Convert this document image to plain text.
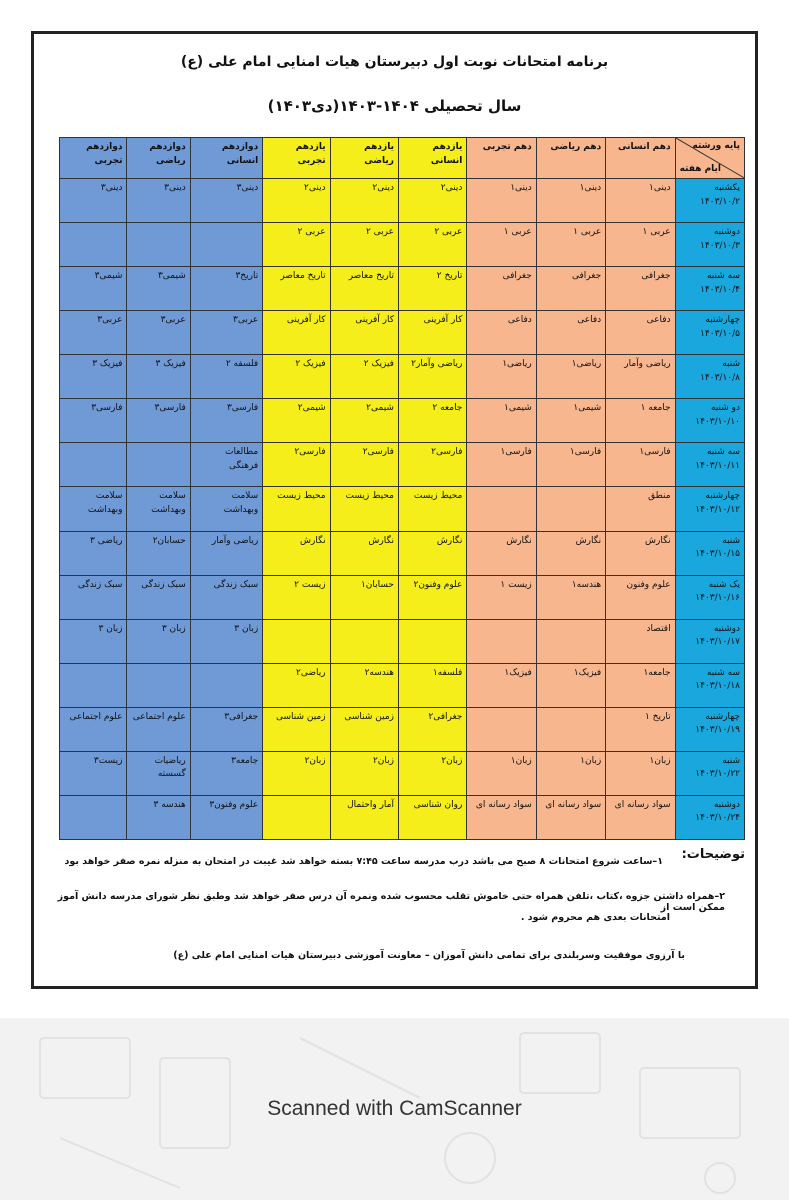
برنامه امتحانات نوبت اول دبیرستان هیات امنایی امام علی (ع)
سال تحصیلی ۱۴۰۴-۱۴۰۳(دی۱۴۰۳)
پایه ورشته
ایام هفته	دهم انسانی	دهم ریاضی	دهم تجربی	یازدهم انسانی	یازدهم ریاضی	یازدهم تجربی	دوازدهم انسانی	دوازدهم ریاضی	دوازدهم تجربی

یکشنبه
۱۴۰۳/۱۰/۲	دینی۱	دینی۱	دینی۱	دینی۲	دینی۲	دینی۲	دینی۳	دینی۳	دینی۳

دوشنبه
۱۴۰۳/۱۰/۳	عربی ۱	عربی ۱	عربی ۱	عربی ۲	عربی ۲	عربی ۲			

سه شنبه
۱۴۰۳/۱۰/۴	جغرافی	جغرافی	جغرافی	تاریخ ۲	تاریخ معاصر	تاریخ معاصر	تاریخ۳	شیمی۳	شیمی۳

چهارشنبه
۱۴۰۳/۱۰/۵	دفاعی	دفاعی	دفاعی	کار آفرینی	کار آفرینی	کار آفرینی	عربی۳	عربی۳	عربی۳

شنبه
۱۴۰۳/۱۰/۸	ریاضی وآمار	ریاضی۱	ریاضی۱	ریاضی وآمار۲	فیزیک ۲	فیزیک ۲	فلسفه ۲	فیزیک ۳	فیزیک ۳

دو شنبه
۱۴۰۳/۱۰/۱۰	جامعه ۱	شیمی۱	شیمی۱	جامعه ۲	شیمی۲	شیمی۲	فارسی۳	فارسی۳	فارسی۳

سه شنبه
۱۴۰۳/۱۰/۱۱	فارسی۱	فارسی۱	فارسی۱	فارسی۲	فارسی۲	فارسی۲	مطالعات فرهنگی		

چهارشنبه
۱۴۰۳/۱۰/۱۲	منطق			محیط زیست	محیط زیست	محیط زیست	سلامت وبهداشت	سلامت وبهداشت	سلامت وبهداشت

شنبه
۱۴۰۳/۱۰/۱۵	نگارش	نگارش	نگارش	نگارش	نگارش	نگارش	ریاضی وآمار	حسابان۲	ریاضی ۳

یک شنبه
۱۴۰۳/۱۰/۱۶	علوم وفنون	هندسه۱	زیست ۱	علوم وفنون۲	حسابان۱	زیست ۲	سبک زندگی	سبک زندگی	سبک زندگی

دوشنبه
۱۴۰۳/۱۰/۱۷	اقتصاد						زبان ۳	زبان ۳	زبان ۳

سه شنبه
۱۴۰۳/۱۰/۱۸	جامعه۱	فیزیک۱	فیزیک۱	فلسفه۱	هندسه۲	ریاضی۲			

چهارشنبه
۱۴۰۳/۱۰/۱۹	تاریخ ۱			جغرافی۲	زمین شناسی	زمین شناسی	جغرافی۳	علوم اجتماعی	علوم اجتماعی

شنبه
۱۴۰۳/۱۰/۲۲	زبان۱	زبان۱	زبان۱	زبان۲	زبان۲	زبان۲	جامعه۳	ریاضیات گسسته	زیست۳

دوشنبه
۱۴۰۳/۱۰/۲۴	سواد رسانه ای	سواد رسانه ای	سواد رسانه ای	روان شناسی	آمار واحتمال		علوم وفنون۳	هندسه ۳	
توضیحات:
۱–ساعت شروع امتحانات ۸ صبح می باشد درب مدرسه ساعت ۷:۴۵ بسته خواهد شد غیبت در امتحان به منزله نمره صفر خواهد بود
۲–همراه داشتن جزوه ،کتاب ،تلفن همراه حتی خاموش تقلب محسوب شده ونمره آن درس صفر خواهد شد وطبق نظر شورای مدرسه دانش آموز ممکن است از
امتحانات بعدی هم محروم شود .
با آرزوی موفقیت وسربلندی برای تمامی دانش آموزان – معاونت آموزشی دبیرستان هیات امنایی امام علی (ع)
Scanned with CamScanner
